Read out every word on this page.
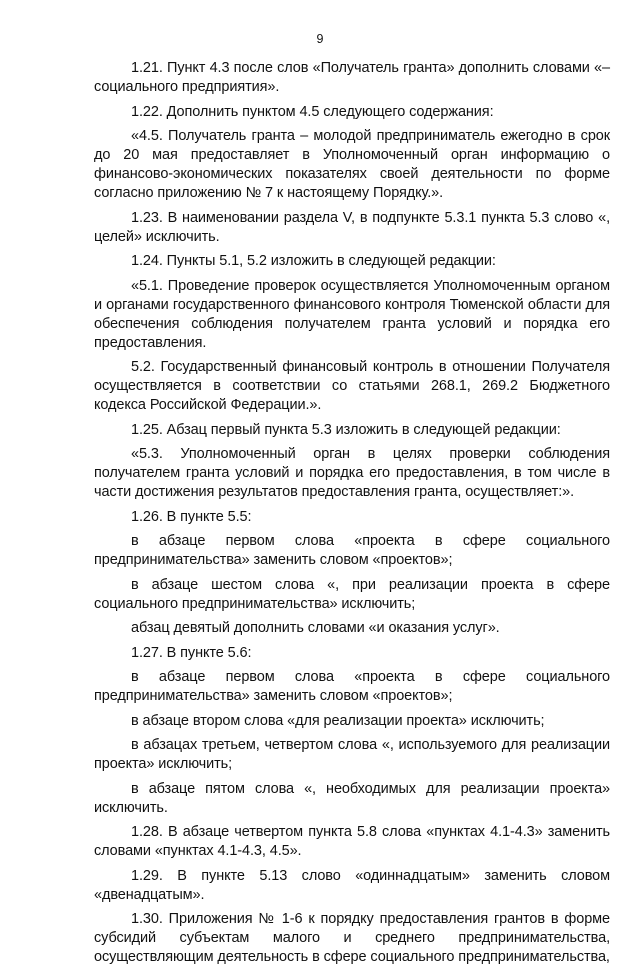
9

1.21. Пункт 4.3 после слов «Получатель гранта» дополнить словами «– социального предприятия».

1.22. Дополнить пунктом 4.5 следующего содержания:

«4.5. Получатель гранта – молодой предприниматель ежегодно в срок до 20 мая предоставляет в Уполномоченный орган информацию о финансово-экономических показателях своей деятельности по форме согласно приложению № 7 к настоящему Порядку.».

1.23. В наименовании раздела V, в подпункте 5.3.1 пункта 5.3 слово «, целей» исключить.

1.24. Пункты 5.1, 5.2 изложить в следующей редакции:

«5.1. Проведение проверок осуществляется Уполномоченным органом и органами государственного финансового контроля Тюменской области для обеспечения соблюдения получателем гранта условий и порядка его предоставления.

5.2. Государственный финансовый контроль в отношении Получателя осуществляется в соответствии со статьями 268.1, 269.2 Бюджетного кодекса Российской Федерации.».

1.25. Абзац первый пункта 5.3 изложить в следующей редакции:

«5.3. Уполномоченный орган в целях проверки соблюдения получателем гранта условий и порядка его предоставления, в том числе в части достижения результатов предоставления гранта, осуществляет:».

1.26. В пункте 5.5:

в абзаце первом слова «проекта в сфере социального предпринимательства» заменить словом «проектов»;

в абзаце шестом слова «, при реализации проекта в сфере социального предпринимательства» исключить;

абзац девятый дополнить словами «и оказания услуг».

1.27. В пункте 5.6:

в абзаце первом слова «проекта в сфере социального предпринимательства» заменить словом «проектов»;

в абзаце втором слова «для реализации проекта» исключить;

в абзацах третьем, четвертом слова «, используемого для реализации проекта» исключить;

в абзаце пятом слова «, необходимых для реализации проекта» исключить.

1.28. В абзаце четвертом пункта 5.8 слова «пунктах 4.1-4.3» заменить словами «пунктах 4.1-4.3, 4.5».

1.29. В пункте 5.13 слово «одиннадцатым» заменить словом «двенадцатым».

1.30. Приложения № 1-6 к порядку предоставления грантов в форме субсидий субъектам малого и среднего предпринимательства, осуществляющим деятельность в сфере социального предпринимательства,
